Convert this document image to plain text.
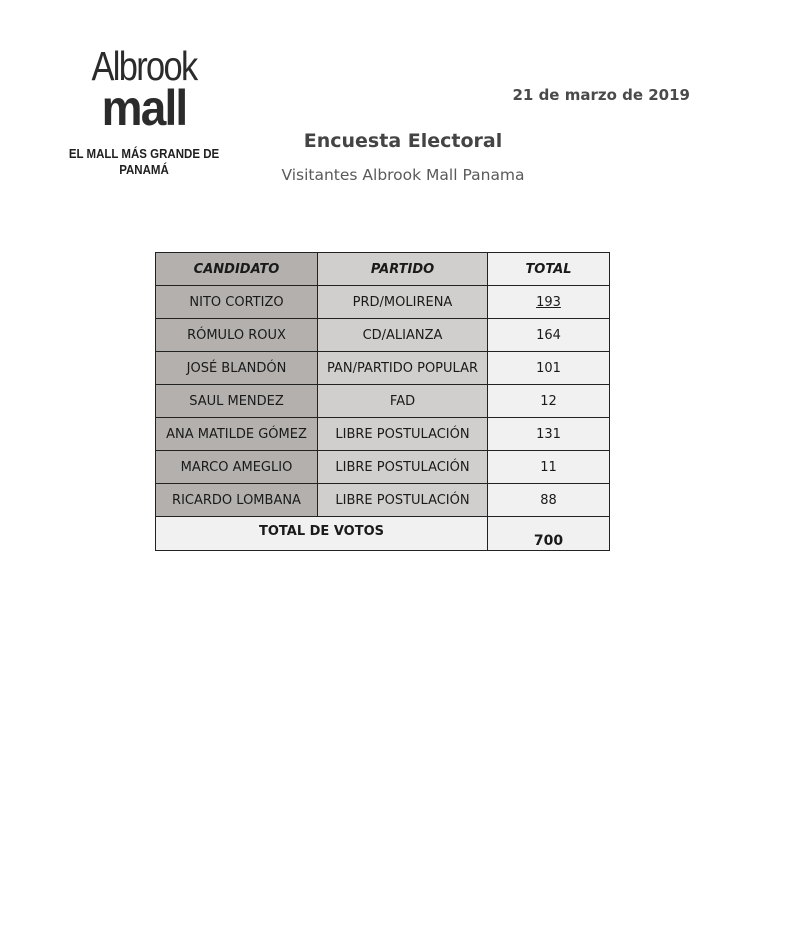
Albrook
mall
EL MALL MÁS GRANDE DE PANAMÁ
21 de marzo de 2019
Encuesta Electoral
Visitantes Albrook Mall Panama
CANDIDATO	PARTIDO	TOTAL
NITO CORTIZO	PRD/MOLIRENA	193
RÓMULO ROUX	CD/ALIANZA	164
JOSÉ BLANDÓN	PAN/PARTIDO POPULAR	101
SAUL MENDEZ	FAD	12
ANA MATILDE GÓMEZ	LIBRE POSTULACIÓN	131
MARCO AMEGLIO	LIBRE POSTULACIÓN	11
RICARDO LOMBANA	LIBRE POSTULACIÓN	88
TOTAL DE VOTOS		700
